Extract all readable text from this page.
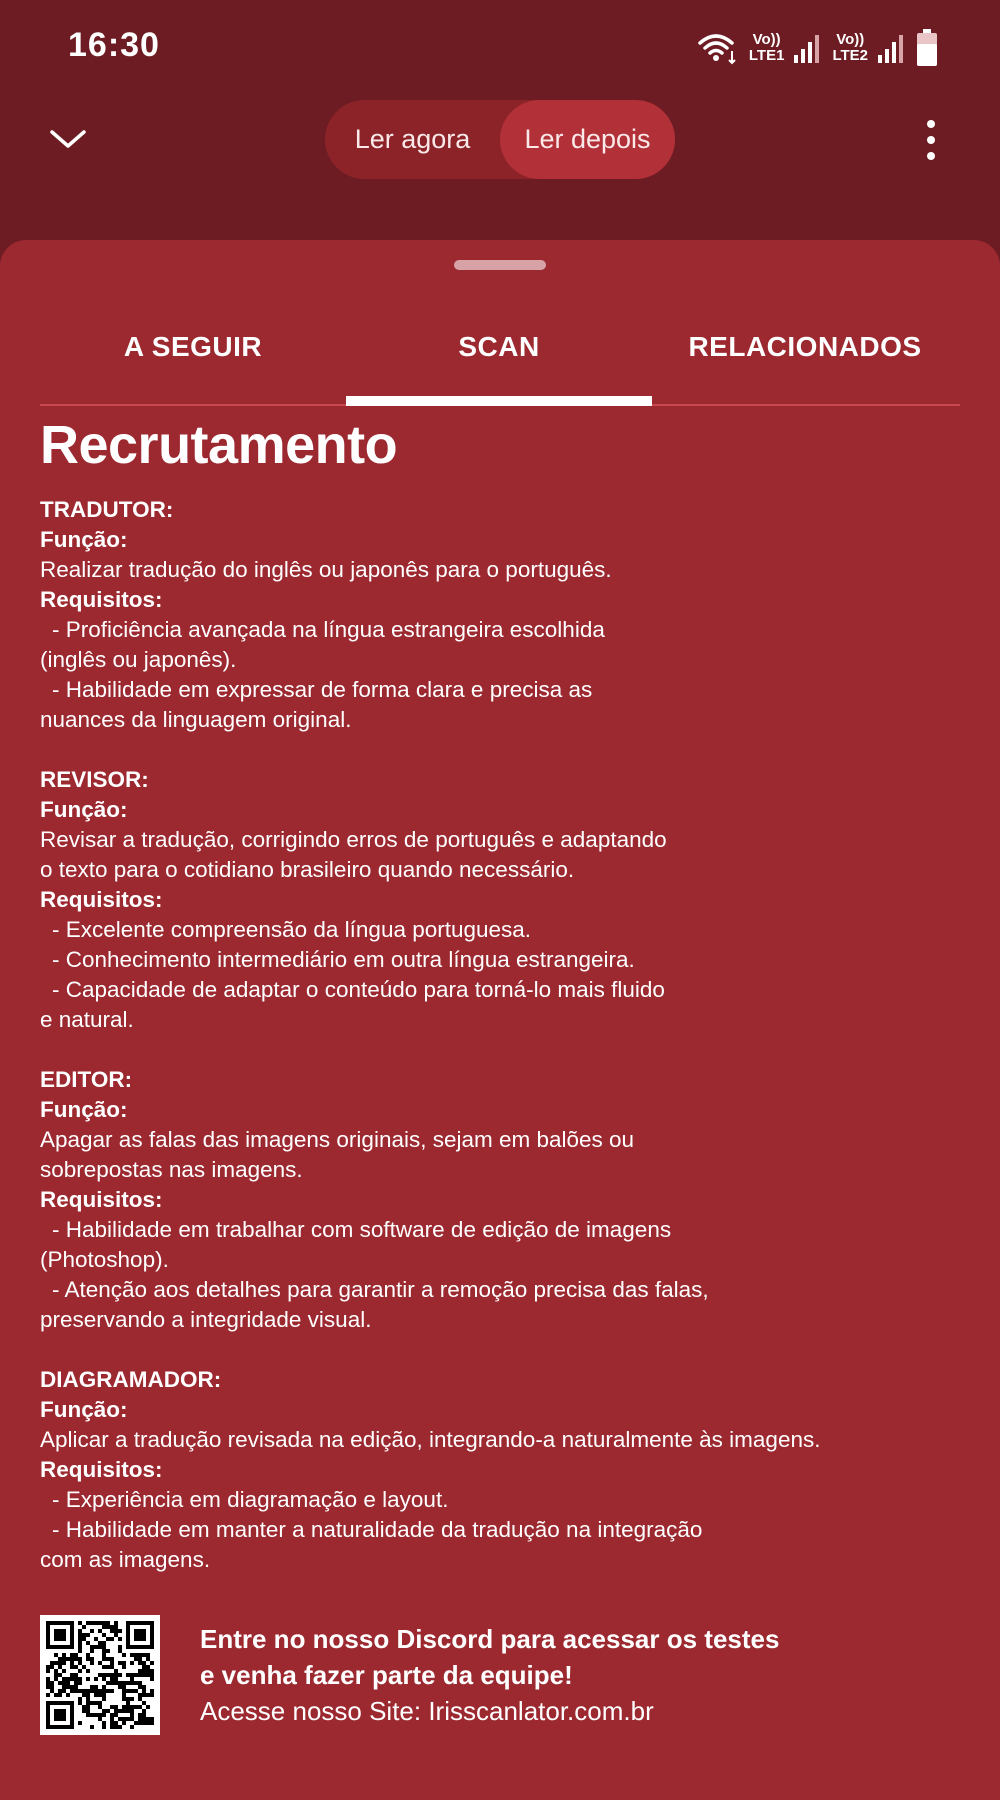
16:30	Vo))
LTE1
Vo))
LTE2
Ler agora	Ler depois
A SEGUIR	SCAN	RELACIONADOS
Recrutamento
TRADUTOR:
Função:
Realizar tradução do inglês ou japonês para o português.
Requisitos:
- Proficiência avançada na língua estrangeira escolhida
(inglês ou japonês).
- Habilidade em expressar de forma clara e precisa as
nuances da linguagem original.
REVISOR:
Função:
Revisar a tradução, corrigindo erros de português e adaptando
o texto para o cotidiano brasileiro quando necessário.
Requisitos:
- Excelente compreensão da língua portuguesa.
- Conhecimento intermediário em outra língua estrangeira.
- Capacidade de adaptar o conteúdo para torná-lo mais fluido
e natural.
EDITOR:
Função:
Apagar as falas das imagens originais, sejam em balões ou
sobrepostas nas imagens.
Requisitos:
- Habilidade em trabalhar com software de edição de imagens
(Photoshop).
- Atenção aos detalhes para garantir a remoção precisa das falas,
preservando a integridade visual.
DIAGRAMADOR:
Função:
Aplicar a tradução revisada na edição, integrando-a naturalmente às imagens.
Requisitos:
- Experiência em diagramação e layout.
- Habilidade em manter a naturalidade da tradução na integração
com as imagens.
Entre no nosso Discord para acessar os testes
e venha fazer parte da equipe!
Acesse nosso Site: Irisscanlator.com.br
